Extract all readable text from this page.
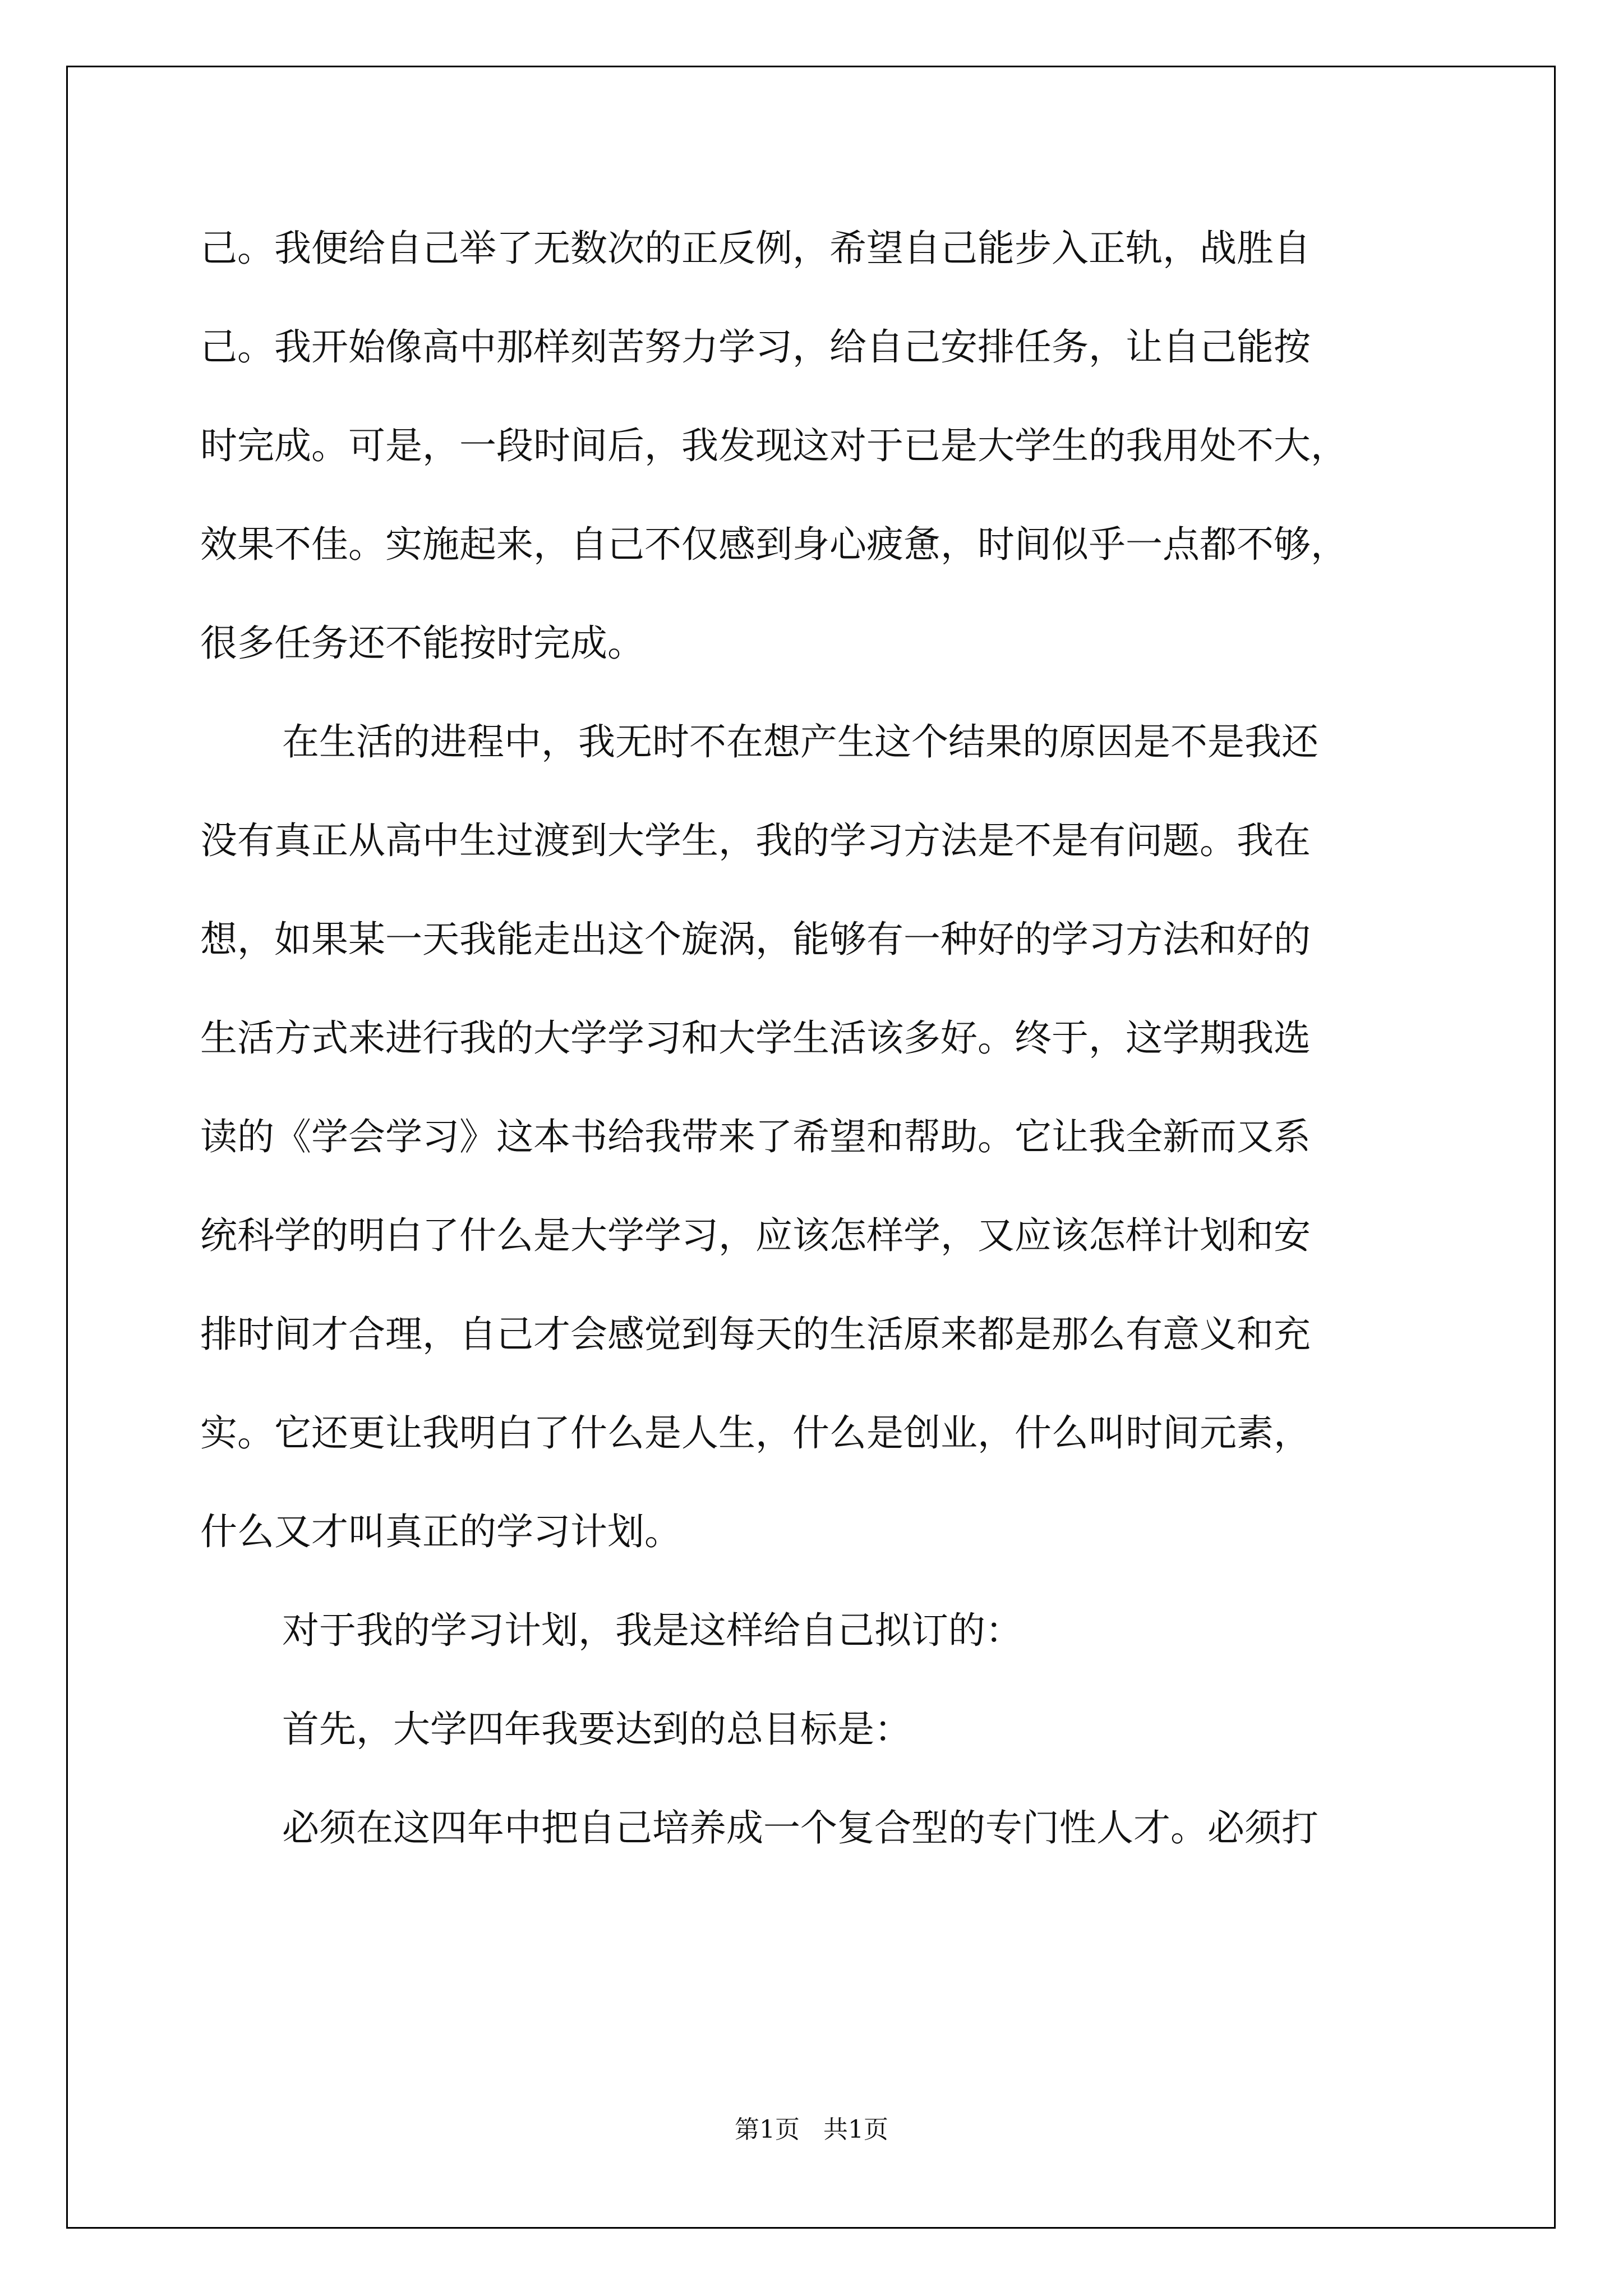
己。我便给自己举了无数次的正反例，希望自己能步入正轨，战胜自
己。我开始像高中那样刻苦努力学习，给自己安排任务，让自己能按
时完成。可是，一段时间后，我发现这对于已是大学生的我用处不大，
效果不佳。实施起来，自己不仅感到身心疲惫，时间似乎一点都不够，
很多任务还不能按时完成。
在生活的进程中，我无时不在想产生这个结果的原因是不是我还
没有真正从高中生过渡到大学生，我的学习方法是不是有问题。我在
想，如果某一天我能走出这个旋涡，能够有一种好的学习方法和好的
生活方式来进行我的大学学习和大学生活该多好。终于，这学期我选
读的《学会学习》这本书给我带来了希望和帮助。它让我全新而又系
统科学的明白了什么是大学学习，应该怎样学，又应该怎样计划和安
排时间才合理，自己才会感觉到每天的生活原来都是那么有意义和充
实。它还更让我明白了什么是人生，什么是创业，什么叫时间元素，
什么又才叫真正的学习计划。
对于我的学习计划，我是这样给自己拟订的：
首先，大学四年我要达到的总目标是：
必须在这四年中把自己培养成一个复合型的专门性人才。必须打
第1页   共1页
